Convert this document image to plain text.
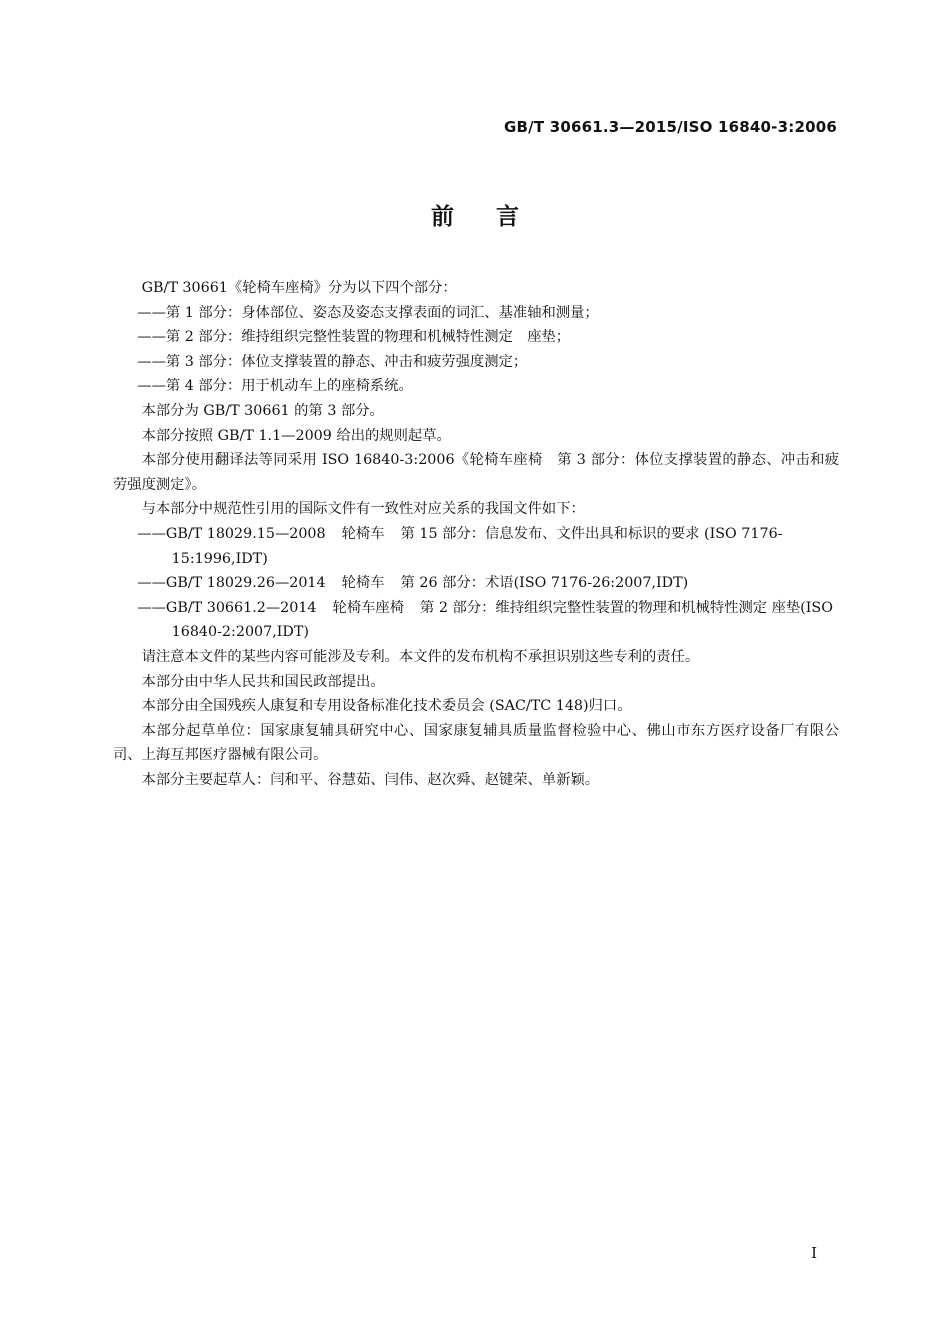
GB/T 30661.3—2015/ISO 16840-3:2006
前言

GB/T 30661《轮椅车座椅》分为以下四个部分：

——第 1 部分：身体部位、姿态及姿态支撑表面的词汇、基准轴和测量；

——第 2 部分：维持组织完整性装置的物理和机械特性测定　座垫；

——第 3 部分：体位支撑装置的静态、冲击和疲劳强度测定；

——第 4 部分：用于机动车上的座椅系统。

本部分为 GB/T 30661 的第 3 部分。

本部分按照 GB/T 1.1—2009 给出的规则起草。

本部分使用翻译法等同采用 ISO 16840-3:2006《轮椅车座椅　第 3 部分：体位支撑装置的静态、冲击和疲劳强度测定》。

与本部分中规范性引用的国际文件有一致性对应关系的我国文件如下：

——GB/T 18029.15—2008 轮椅车 第 15 部分：信息发布、文件出具和标识的要求 (ISO 7176-15:1996,IDT)

——GB/T 18029.26—2014 轮椅车 第 26 部分：术语(ISO 7176-26:2007,IDT)

——GB/T 30661.2—2014 轮椅车座椅 第 2 部分：维持组织完整性装置的物理和机械特性测定 座垫(ISO 16840-2:2007,IDT)

请注意本文件的某些内容可能涉及专利。本文件的发布机构不承担识别这些专利的责任。

本部分由中华人民共和国民政部提出。

本部分由全国残疾人康复和专用设备标准化技术委员会 (SAC/TC 148)归口。

本部分起草单位：国家康复辅具研究中心、国家康复辅具质量监督检验中心、佛山市东方医疗设备厂有限公司、上海互邦医疗器械有限公司。

本部分主要起草人：闫和平、谷慧茹、闫伟、赵次舜、赵键荣、单新颖。

I
